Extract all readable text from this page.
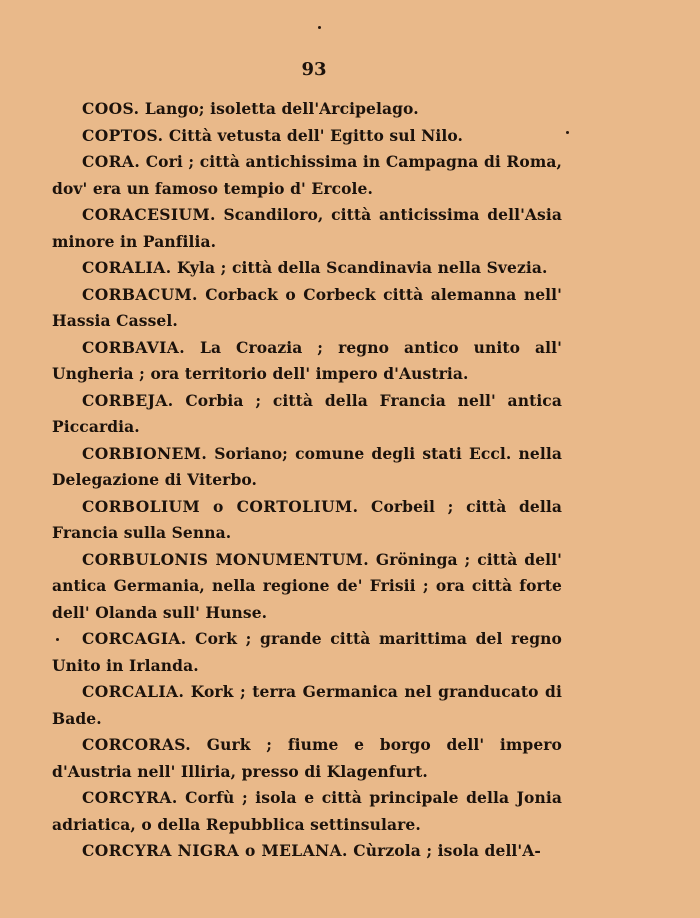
93

COOS. Lango; isoletta dell'Arcipelago.

COPTOS. Città vetusta dell' Egitto sul Nilo.

CORA. Cori ; città antichissima in Campagna di Roma, dov' era un famoso tempio d' Ercole.

CORACESIUM. Scandiloro, città anticissima dell'Asia minore in Panfilia.

CORALIA. Kyla ; città della Scandinavia nella Svezia.

CORBACUM. Corback o Corbeck città alemanna nell' Hassia Cassel.

CORBAVIA. La Croazia ; regno antico unito all' Ungheria ; ora territorio dell' impero d'Austria.

CORBEJA. Corbia ; città della Francia nell' antica Piccardia.

CORBIONEM. Soriano; comune degli stati Eccl. nella Delegazione di Viterbo.

CORBOLIUM o CORTOLIUM. Corbeil ; città della Francia sulla Senna.

CORBULONIS MONUMENTUM. Gröninga ; città dell' antica Germania, nella regione de' Frisii ; ora città forte dell' Olanda sull' Hunse.

CORCAGIA. Cork ; grande città marittima del regno Unito in Irlanda.

CORCALIA. Kork ; terra Germanica nel granducato di Bade.

CORCORAS. Gurk ; fiume e borgo dell' impero d'Austria nell' Illiria, presso di Klagenfurt.

CORCYRA. Corfù ; isola e città principale della Jonia adriatica, o della Repubblica settinsulare.

CORCYRA NIGRA o MELANA. Cùrzola ; isola dell'A-
